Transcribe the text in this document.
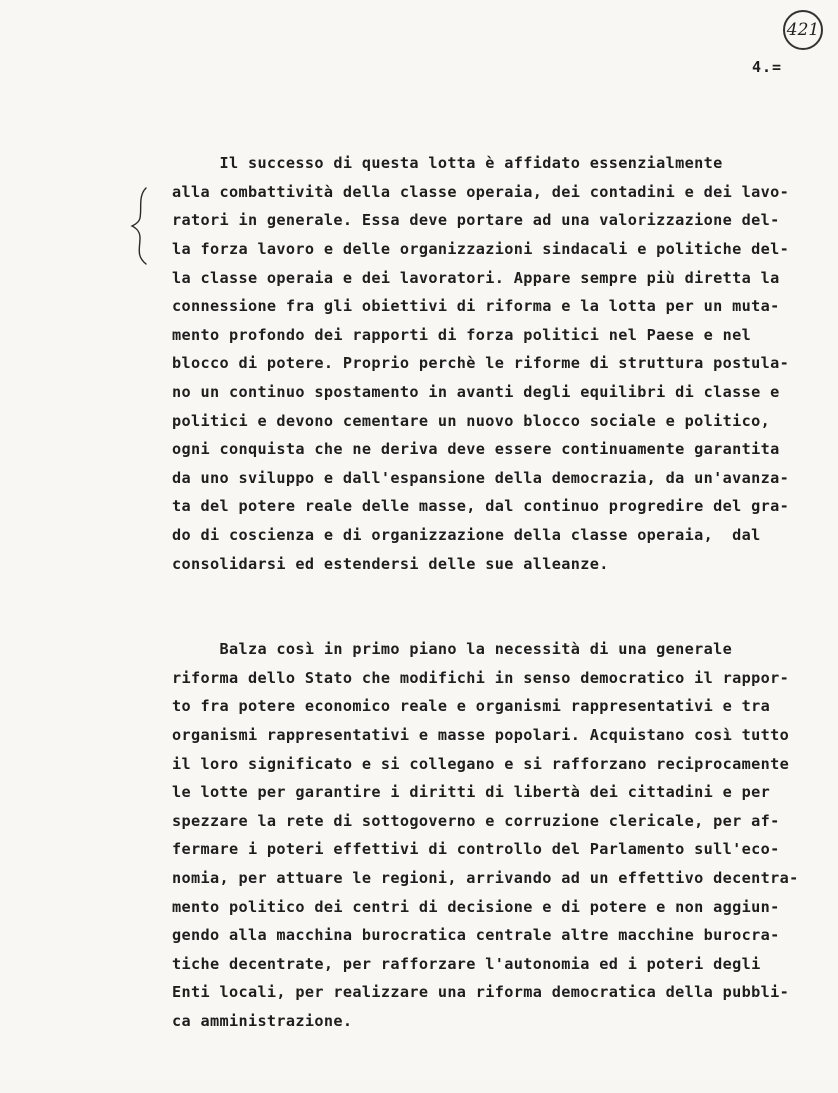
421
4.=

Il successo di questa lotta è affidato essenzialmente
alla combattività della classe operaia, dei contadini e dei lavo-
ratori in generale. Essa deve portare ad una valorizzazione del-
la forza lavoro e delle organizzazioni sindacali e politiche del-
la classe operaia e dei lavoratori. Appare sempre più diretta la
connessione fra gli obiettivi di riforma e la lotta per un muta-
mento profondo dei rapporti di forza politici nel Paese e nel
blocco di potere. Proprio perchè le riforme di struttura postula-
no un continuo spostamento in avanti degli equilibri di classe e
politici e devono cementare un nuovo blocco sociale e politico,
ogni conquista che ne deriva deve essere continuamente garantita
da uno sviluppo e dall'espansione della democrazia, da un'avanza-
ta del potere reale delle masse, dal continuo progredire del gra-
do di coscienza e di organizzazione della classe operaia,  dal
consolidarsi ed estendersi delle sue alleanze.

Balza così in primo piano la necessità di una generale
riforma dello Stato che modifichi in senso democratico il rappor-
to fra potere economico reale e organismi rappresentativi e tra
organismi rappresentativi e masse popolari. Acquistano così tutto
il loro significato e si collegano e si rafforzano reciprocamente
le lotte per garantire i diritti di libertà dei cittadini e per
spezzare la rete di sottogoverno e corruzione clericale, per af-
fermare i poteri effettivi di controllo del Parlamento sull'eco-
nomia, per attuare le regioni, arrivando ad un effettivo decentra-
mento politico dei centri di decisione e di potere e non aggiun-
gendo alla macchina burocratica centrale altre macchine burocra-
tiche decentrate, per rafforzare l'autonomia ed i poteri degli
Enti locali, per realizzare una riforma democratica della pubbli-
ca amministrazione.
